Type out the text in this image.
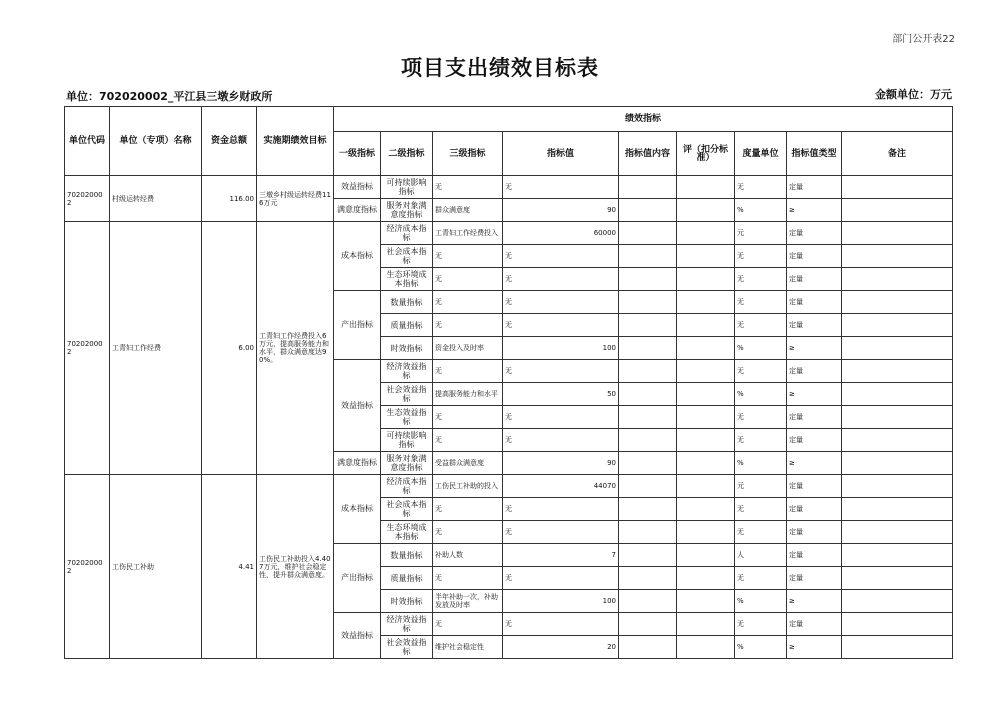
部门公开表22
项目支出绩效目标表
单位：702020002_平江县三墩乡财政所	金额单位：万元
单位代码	单位（专项）名称	资金总额	实施期绩效目标	绩效指标								
				一级指标	二级指标	三级指标	指标值	指标值内容	评（扣分标准）	度量单位	指标值类型	备注
702020002	村级运转经费	116.00	三墩乡村级运转经费116万元	效益指标	可持续影响指标	无	无			无	定量	
				满意度指标	服务对象满意度指标	群众满意度	90			%	≥	
702020002	工青妇工作经费	6.00	工青妇工作经费投入6万元，提高服务能力和水平，群众满意度达90%。	成本指标	经济成本指标	工青妇工作经费投入	60000			元	定量	
					社会成本指标	无	无			无	定量	
					生态环境成本指标	无	无			无	定量	
				产出指标	数量指标	无	无			无	定量	
					质量指标	无	无			无	定量	
					时效指标	资金投入及时率	100			%	≥	
				效益指标	经济效益指标	无	无			无	定量	
					社会效益指标	提高服务能力和水平	50			%	≥	
					生态效益指标	无	无			无	定量	
					可持续影响指标	无	无			无	定量	
				满意度指标	服务对象满意度指标	受益群众满意度	90			%	≥	
702020002	工伤民工补助	4.41	工伤民工补助投入4.407万元，维护社会稳定性，提升群众满意度。	成本指标	经济成本指标	工伤民工补助的投入	44070			元	定量	
					社会成本指标	无	无			无	定量	
					生态环境成本指标	无	无			无	定量	
				产出指标	数量指标	补助人数	7			人	定量	
					质量指标	无	无			无	定量	
					时效指标	半年补助一次，补助发放及时率	100			%	≥	
				效益指标	经济效益指标	无	无			无	定量	
					社会效益指标	维护社会稳定性	20			%	≥	
